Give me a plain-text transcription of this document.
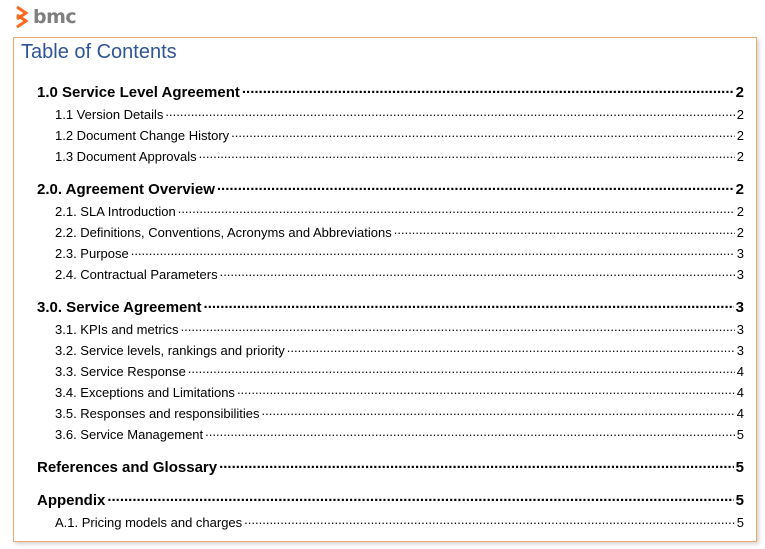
bmc
Table of Contents
1.0 Service Level Agreement .....	2
1.1 Version Details .....	2
1.2 Document Change History .....	2
1.3 Document Approvals .....	2
2.0. Agreement Overview .....	2
2.1. SLA Introduction .....	2
2.2. Definitions, Conventions, Acronyms and Abbreviations .....	2
2.3. Purpose .....	3
2.4. Contractual Parameters .....	3
3.0. Service Agreement .....	3
3.1. KPIs and metrics .....	3
3.2. Service levels, rankings and priority .....	3
3.3. Service Response .....	4
3.4. Exceptions and Limitations .....	4
3.5. Responses and responsibilities .....	4
3.6. Service Management .....	5
References and Glossary .....	5
Appendix .....	5
A.1. Pricing models and charges .....	5
